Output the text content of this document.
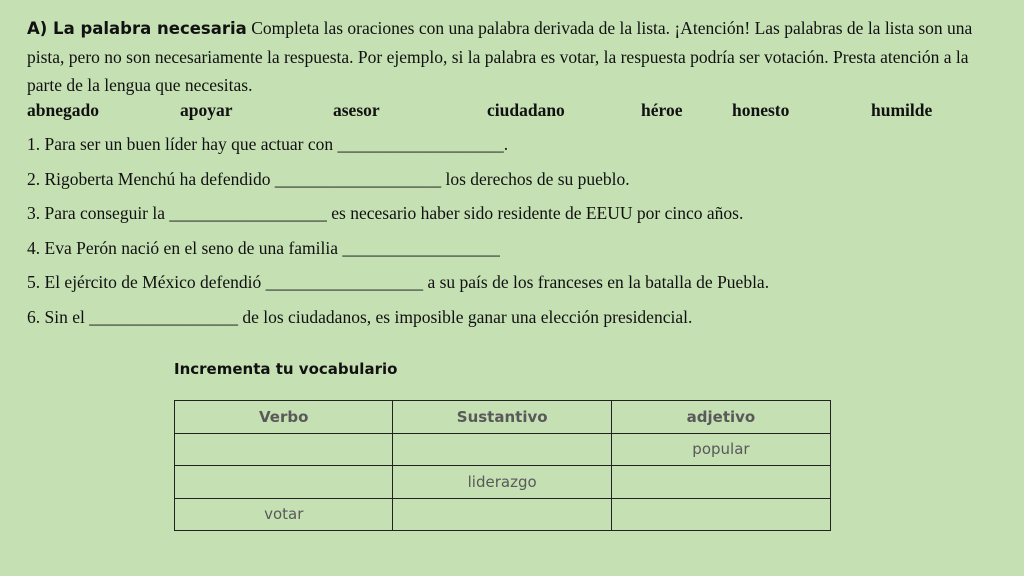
A) La palabra necesaria Completa las oraciones con una palabra derivada de la lista. ¡Atención! Las palabras de la lista son una pista, pero no son necesariamente la respuesta. Por ejemplo, si la palabra es votar, la respuesta podría ser votación. Presta atención a la parte de la lengua que necesitas.

abnegado	apoyar	asesor	ciudadano	héroe	honesto	humilde
1. Para ser un buen líder hay que actuar con ___________________.
2. Rigoberta Menchú ha defendido ___________________ los derechos de su pueblo.
3. Para conseguir la __________________ es necesario haber sido residente de EEUU por cinco años.
4. Eva Perón nació en el seno de una familia __________________
5. El ejército de México defendió __________________ a su país de los franceses en la batalla de Puebla.
6. Sin el _________________ de los ciudadanos, es imposible ganar una elección presidencial.
Incrementa tu vocabulario
Verbo	Sustantivo	adjetivo
		popular
	liderazgo	
votar		
